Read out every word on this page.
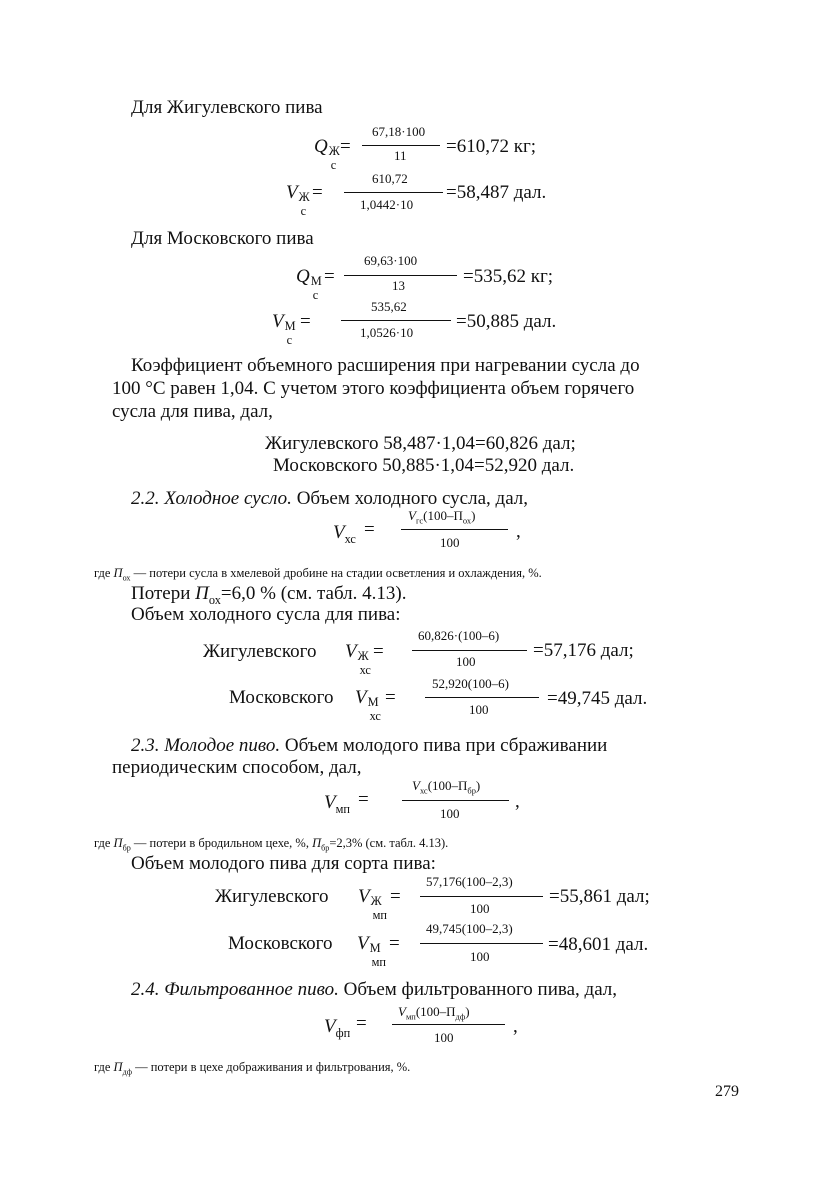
Для Жигулевского пива
Q Ж
с
=
67,18·100
11 =610,72 кг;
V Ж
с
=
610,72
1,0442·10
=58,487 дал.
Для Московского пива
Q М
с
=
69,63·100
13	=535,62 кг;
V М
с
=
535,62
1,0526·10
=50,885 дал.
Коэффициент объемного расширения при нагревании сусла до
100 °С равен 1,04. С учетом этого коэффициента объем горячего
сусла для пива, дал,
Жигулевского 58,487·1,04=60,826 дал;
Московского 50,885·1,04=52,920 дал.
2.2. Холодное сусло. Объем холодного сусла, дал,
$V_{хс}$ =
$V_{гс}(100-П_{ох})$
100
,
где $П_{ох}$ — потери сусла в хмелевой дробине на стадии осветления и охлаждения, %.
Потери $П_{ох}=6,0$ % (см. табл. 4.13).
Объем холодного сусла для пива:
Жигулевского V Ж
хс
=
60,826·(100–6)
100
=57,176 дал;
Московского V М
хс
=
52,920(100–6)
100
=49,745 дал.
2.3. Молодое пиво. Объем молодого пива при сбраживании
периодическим способом, дал,
$V_{мп}$ =
$V_{хс}(100-П_{бр})$
100
,
где $П_{бр}$ — потери в бродильном цехе, %, $П_{бр}=2,3\%$ (см. табл. 4.13).
Объем молодого пива для сорта пива:
Жигулевского V Ж
мп
=
57,176(100–2,3)
100
=55,861 дал;
Московского V М
мп
=
49,745(100–2,3)
100
=48,601 дал.
2.4. Фильтрованное пиво. Объем фильтрованного пива, дал,
$V_{фп}$ =
$V_{мп}(100-П_{дф})$
100
,
где $П_{дф}$ — потери в цехе дображивания и фильтрования, %.
279
